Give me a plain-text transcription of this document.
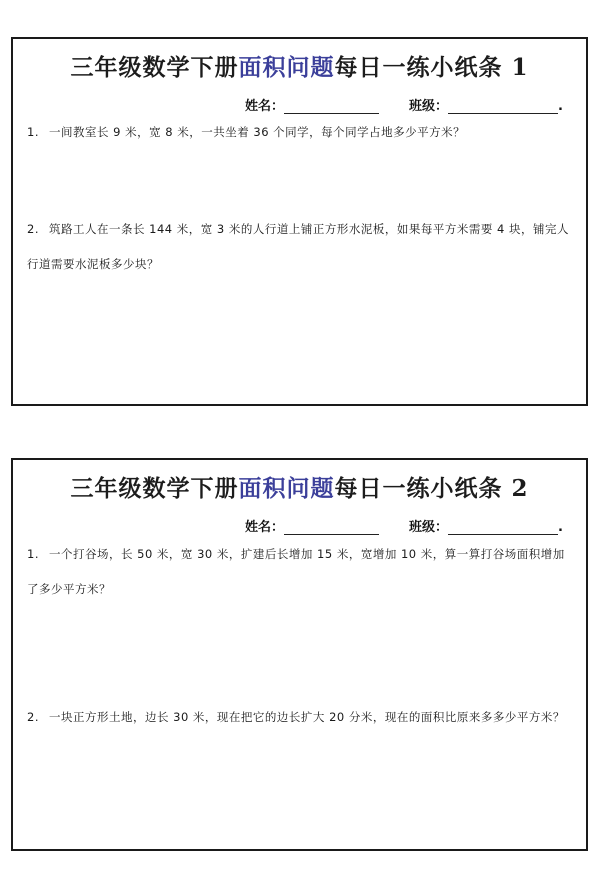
三年级数学下册面积问题每日一练小纸条 1
姓名：	班级：	.
1. 一间教室长 9 米，宽 8 米，一共坐着 36 个同学，每个同学占地多少平方米？
2. 筑路工人在一条长 144 米，宽 3 米的人行道上铺正方形水泥板，如果每平方米需要 4 块，铺完人行道需要水泥板多少块？
三年级数学下册面积问题每日一练小纸条 2
姓名：	班级：	.
1. 一个打谷场，长 50 米，宽 30 米，扩建后长增加 15 米，宽增加 10 米，算一算打谷场面积增加了多少平方米？
2. 一块正方形土地，边长 30 米，现在把它的边长扩大 20 分米，现在的面积比原来多多少平方米？
